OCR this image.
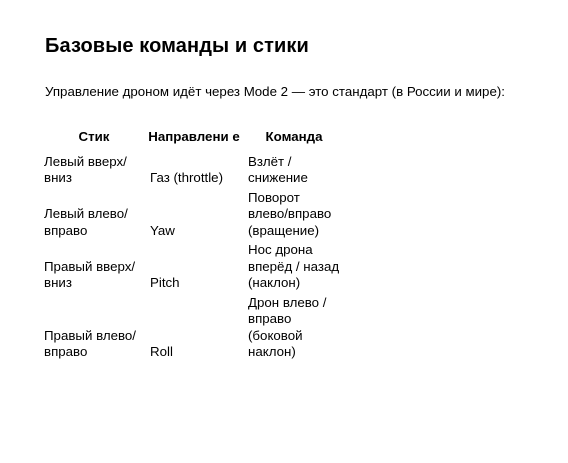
Базовые команды и стики

Управление дроном идёт через Mode 2 — это стандарт (в России и мире):

Стик	Направлени е	Команда

Левый вверх/вниз	Газ (throttle)	Взлёт / снижение

Левый влево/вправо	Yaw	Поворот влево/вправо (вращение)

Правый вверх/вниз	Pitch	Нос дрона вперёд / назад (наклон)

Правый влево/вправо	Roll	Дрон влево / вправо (боковой наклон)
